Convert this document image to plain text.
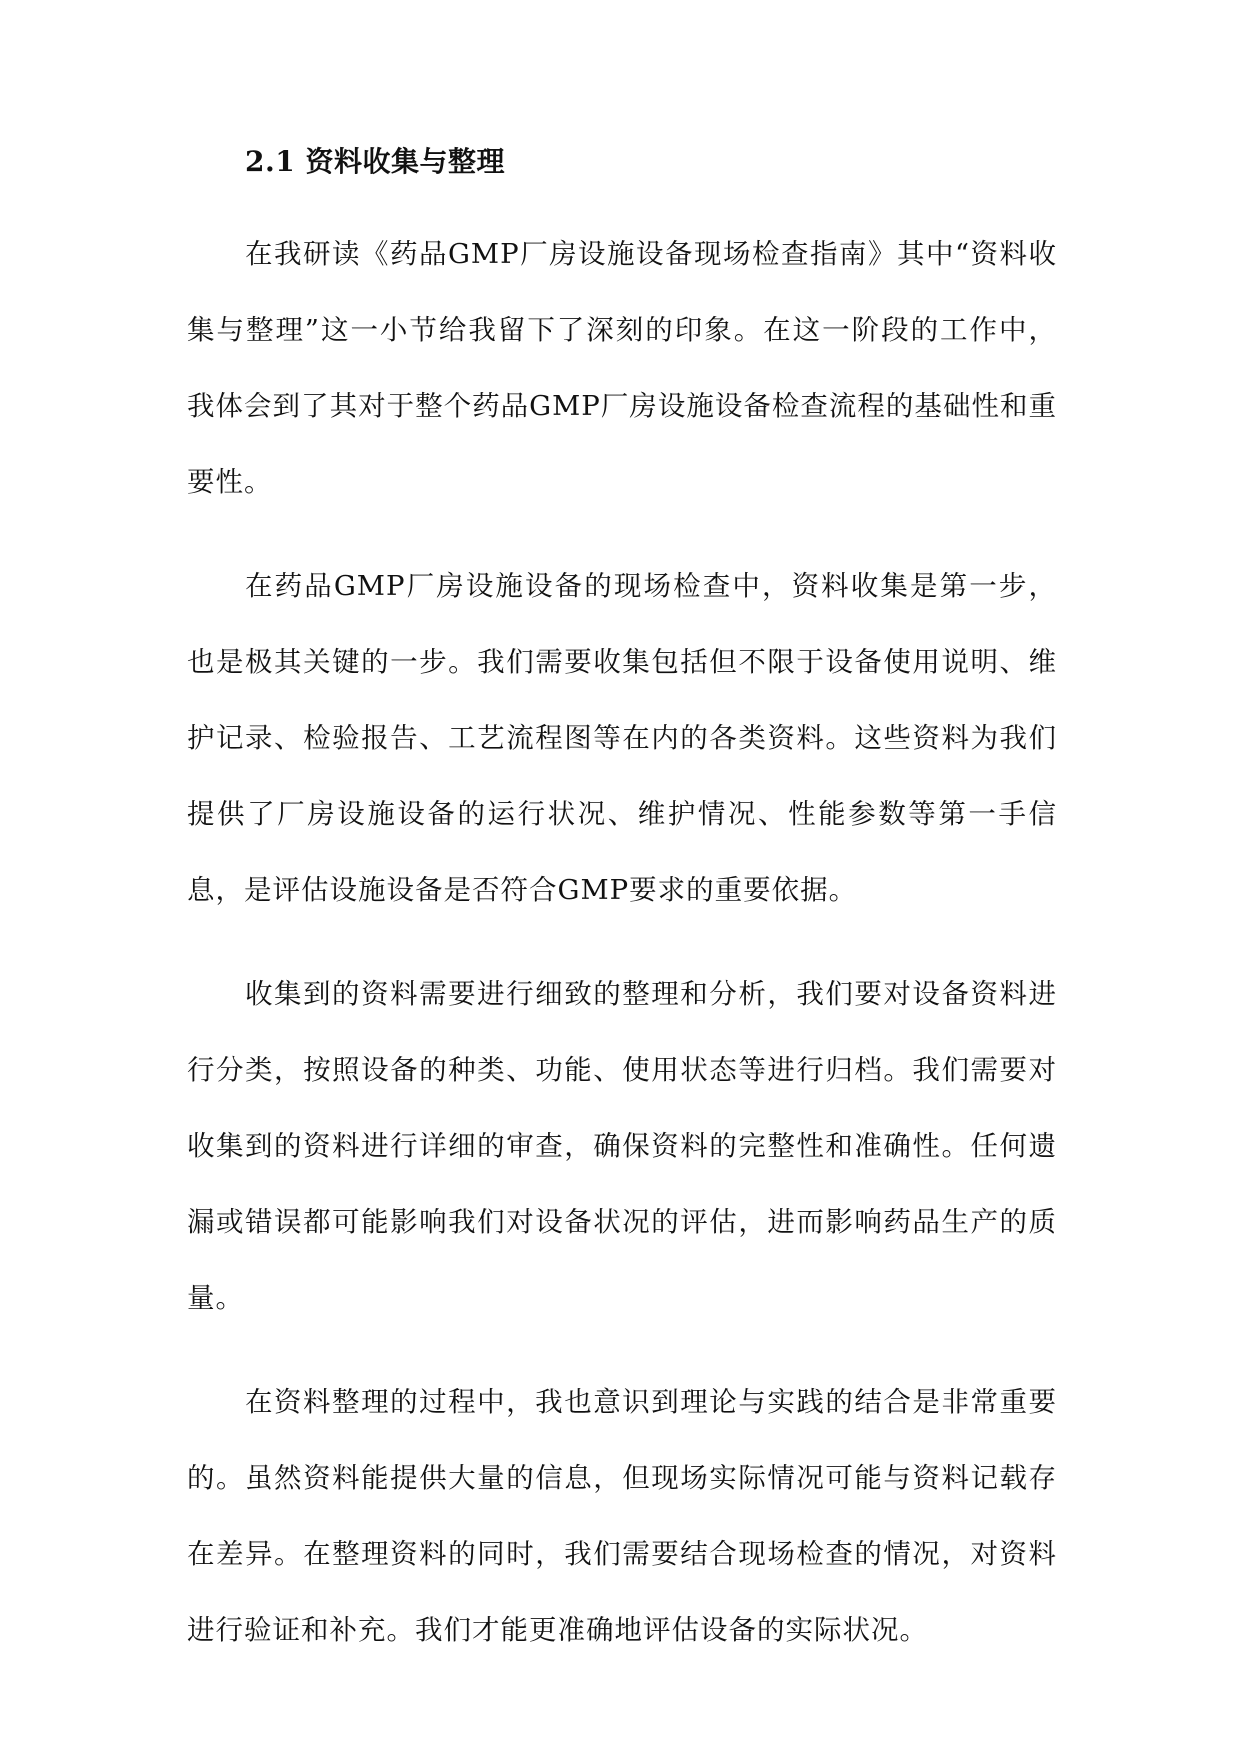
2.1 资料收集与整理

在我研读《药品GMP厂房设施设备现场检查指南》其中“资料收集与整理”这一小节给我留下了深刻的印象。在这一阶段的工作中，我体会到了其对于整个药品GMP厂房设施设备检查流程的基础性和重要性。

在药品GMP厂房设施设备的现场检查中，资料收集是第一步，也是极其关键的一步。我们需要收集包括但不限于设备使用说明、维护记录、检验报告、工艺流程图等在内的各类资料。这些资料为我们提供了厂房设施设备的运行状况、维护情况、性能参数等第一手信息，是评估设施设备是否符合GMP要求的重要依据。

收集到的资料需要进行细致的整理和分析，我们要对设备资料进行分类，按照设备的种类、功能、使用状态等进行归档。我们需要对收集到的资料进行详细的审查，确保资料的完整性和准确性。任何遗漏或错误都可能影响我们对设备状况的评估，进而影响药品生产的质量。

在资料整理的过程中，我也意识到理论与实践的结合是非常重要的。虽然资料能提供大量的信息，但现场实际情况可能与资料记载存在差异。在整理资料的同时，我们需要结合现场检查的情况，对资料进行验证和补充。我们才能更准确地评估设备的实际状况。
